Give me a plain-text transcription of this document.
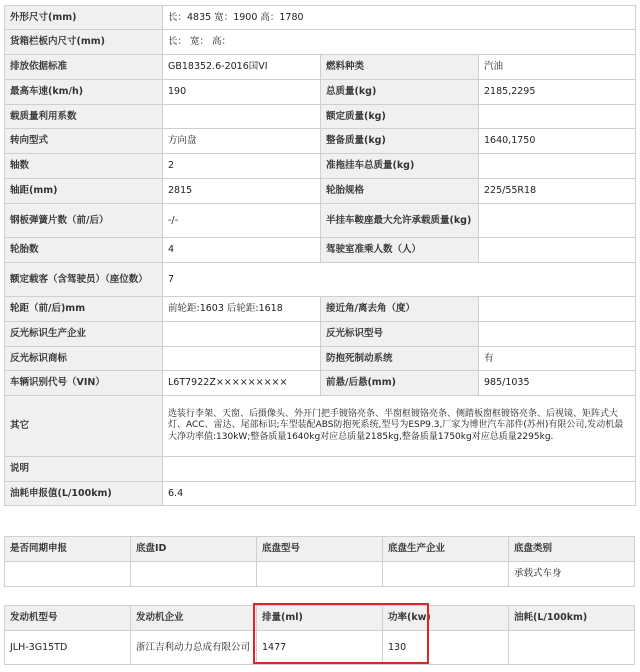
外形尺寸(mm)	长：4835 宽：1900 高：1780		
货箱栏板内尺寸(mm)	长： 宽： 高：		
排放依据标准	GB18352.6-2016国VI	燃料种类	汽油
最高车速(km/h)	190	总质量(kg)	2185,2295
载质量利用系数		额定质量(kg)	
转向型式	方向盘	整备质量(kg)	1640,1750
轴数	2	准拖挂车总质量(kg)	
轴距(mm)	2815	轮胎规格	225/55R18
钢板弹簧片数（前/后）	-/-	半挂车鞍座最大允许承载质量(kg)	
轮胎数	4	驾驶室准乘人数（人）	
额定载客（含驾驶员）（座位数）	7		
轮距（前/后)mm	前轮距:1603 后轮距:1618	接近角/离去角（度）	
反光标识生产企业		反光标识型号	
反光标识商标		防抱死制动系统	有
车辆识别代号（VIN）	L6T7922Z×××××××××	前悬/后悬(mm)	985/1035
其它	选装行李架、天窗、后摄像头、外开门把手镀铬亮条、半窗框镀铬亮条、侧踏板窗框镀铬亮条、后视镜、矩阵式大灯、ACC、雷达、尾部标识;车型装配ABS防抱死系统,型号为ESP9.3,厂家为博世汽车部件(苏州)有限公司,发动机最大净功率值:130kW;整备质量1640kg对应总质量2185kg,整备质量1750kg对应总质量2295kg.		
说明			
油耗申报值(L/100km)	6.4		
是否同期申报	底盘ID	底盘型号	底盘生产企业	底盘类别
				承载式车身
发动机型号	发动机企业	排量(ml)	功率(kw)	油耗(L/100km)
JLH-3G15TD	浙江吉利动力总成有限公司	1477	130	
